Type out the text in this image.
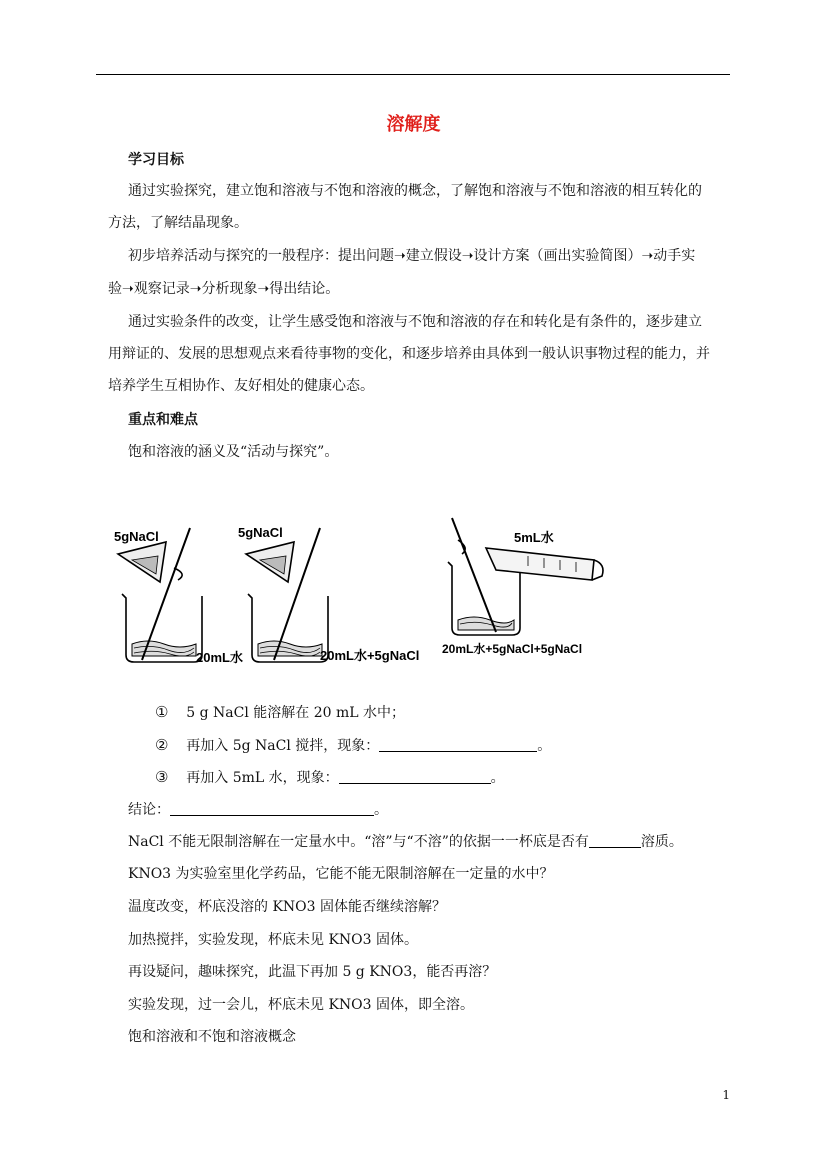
溶解度
学习目标
通过实验探究，建立饱和溶液与不饱和溶液的概念，了解饱和溶液与不饱和溶液的相互转化的
方法，了解结晶现象。
初步培养活动与探究的一般程序：提出问题➝建立假设➝设计方案（画出实验简图）➝动手实
验➝观察记录➝分析现象➝得出结论。
通过实验条件的改变，让学生感受饱和溶液与不饱和溶液的存在和转化是有条件的，逐步建立
用辩证的、发展的思想观点来看待事物的变化，和逐步培养由具体到一般认识事物过程的能力，并
培养学生互相协作、友好相处的健康心态。
重点和难点
饱和溶液的涵义及“活动与探究”。
5gNaCl
20mL水
5gNaCl
20mL水+5gNaCl
5mL水
20mL水+5gNaCl+5gNaCl
① 5 g NaCl 能溶解在 20 mL 水中；
② 再加入 5g NaCl 搅拌，现象：	。
③ 再加入 5mL 水，现象：	。
结论：	。
NaCl 不能无限制溶解在一定量水中。“溶”与“不溶”的依据一一杯底是否有	溶质。
KNO3 为实验室里化学药品，它能不能无限制溶解在一定量的水中？
温度改变，杯底没溶的 KNO3 固体能否继续溶解？
加热搅拌，实验发现，杯底未见 KNO3 固体。
再设疑问，趣味探究，此温下再加 5 g KNO3，能否再溶？
实验发现，过一会儿，杯底未见 KNO3 固体，即全溶。
饱和溶液和不饱和溶液概念
1
